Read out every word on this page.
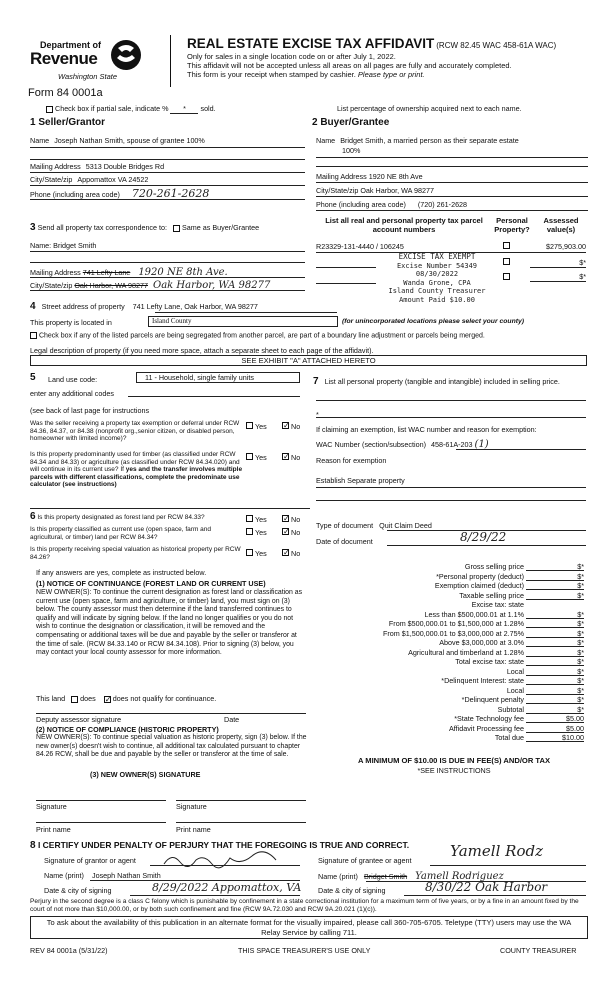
Department of
Revenue
Washington State
Form 84 0001a
REAL ESTATE EXCISE TAX AFFIDAVIT (RCW 82.45 WAC 458-61A WAC)
Only for sales in a single location code on or after July 1, 2022.
This affidavit will not be accepted unless all areas on all pages are fully and accurately completed.
This form is your receipt when stamped by cashier. Please type or print.
Check box if partial sale, indicate % * sold.	List percentage of ownership acquired next to each name.
1 Seller/Grantor
Name Joseph Nathan Smith, spouse of grantee 100%
Mailing Address 5313 Double Bridges Rd
City/State/zip Appomattox VA 24522
Phone (including area code) 720-261-2628
2 Buyer/Grantee
Name Bridget Smith, a married person as their separate estate
100%
Mailing Address 1920 NE 8th Ave
City/State/zip Oak Harbor, WA 98277
Phone (including area code) (720) 261-2628
3 Send all property tax correspondence to: Same as Buyer/Grantee
Name: Bridget Smith
Mailing Address 741 Lefty Lane 1920 NE 8th Ave.
City/State/zip Oak Harbor, WA 98277 Oak Harbor, WA 98277
List all real and personal property tax parcel account numbers
Personal Property?
Assessed value(s)
R23329-131-4440 / 106245	$275,903.00
$*
$*
EXCISE TAX EXEMPT
Excise Number 54349
08/30/2022
Wanda Grone, CPA
Island County Treasurer
Amount Paid $10.00
4 Street address of property 741 Lefty Lane, Oak Harbor, WA 98277
This property is located in	Island County	(for unincorporated locations please select your county)
Check box if any of the listed parcels are being segregated from another parcel, are part of a boundary line adjustment or parcels being merged.
Legal description of property (if you need more space, attach a separate sheet to each page of the affidavit).
SEE EXHIBIT "A" ATTACHED HERETO
5 Land use code:	11 - Household, single family units
enter any additional codes
(see back of last page for instructions
Was the seller receiving a property tax exemption or deferral under RCW 84.36, 84.37, or 84.38 (nonprofit org.,senior citizen, or disabled person, homeowner with limited income)?
Yes ✓ No
Is this property predominantly used for timber (as classified under RCW 84.34 and 84.33) or agriculture (as classified under RCW 84.34.020) and will continue in its current use? If yes and the transfer involves multiple parcels with different classifications, complete the predominate use calculator (see instructions)
Yes ✓ No
6 Is this property designated as forest land per RCW 84.33?	Yes ✓ No
Is this property classified as current use (open space, farm and agricultural, or timber) land per RCW 84.34?
Yes ✓ No
Is this property receiving special valuation as historical property per RCW 84.26?	Yes ✓ No
If any answers are yes, complete as instructed below.
(1) NOTICE OF CONTINUANCE (FOREST LAND OR CURRENT USE)
NEW OWNER(S): To continue the current designation as forest land or classification as current use (open space, farm and agriculture, or timber) land, you must sign on (3) below. The county assessor must then determine if the land transferred continues to qualify and will indicate by signing below. If the land no longer qualifies or you do not wish to continue the designation or classification, it will be removed and the compensating or additional taxes will be due and payable by the seller or transferor at the time of sale. (RCW 84.33.140 or RCW 84.34.108). Prior to signing (3) below, you may contact your local county assessor for more information.
This land does ✓ does not qualify for continuance.
Deputy assessor signature	Date
(2) NOTICE OF COMPLIANCE (HISTORIC PROPERTY)
NEW OWNER(S): To continue special valuation as historic property, sign (3) below. If the new owner(s) doesn't wish to continue, all additional tax calculated pursuant to chapter 84.26 RCW, shall be due and payable by the seller or transferor at the time of sale.
(3) NEW OWNER(S) SIGNATURE
Signature	Signature
Print name	Print name
7 List all personal property (tangible and intangible) included in selling price.
*
If claiming an exemption, list WAC number and reason for exemption:
WAC Number (section/subsection) 458-61A-203 (1)
Reason for exemption
Establish Separate property
Type of document Quit Claim Deed
Date of document	8/29/22
Gross selling price	$*
*Personal property (deduct)	$*
Exemption claimed (deduct)	$*
Taxable selling price	$*
Excise tax: state
Less than $500,000.01 at 1.1%	$*
From $500,000.01 to $1,500,000 at 1.28%	$*
From $1,500,000.01 to $3,000,000 at 2.75%	$*
Above $3,000,000 at 3.0%	$*
Agricultural and timberland at 1.28%	$*
Total excise tax: state	$*
Local	$*
*Delinquent Interest: state	$*
Local	$*
*Delinquent penalty	$*
Subtotal	$*
*State Technology fee	$5.00
Affidavit Processing fee	$5.00
Total due	$10.00
A MINIMUM OF $10.00 IS DUE IN FEE(S) AND/OR TAX
*SEE INSTRUCTIONS
8 I CERTIFY UNDER PENALTY OF PERJURY THAT THE FOREGOING IS TRUE AND CORRECT.
Signature of grantor or agent
Name (print) Joseph Nathan Smith
Date & city of signing	8/29/2022 Appomattox, VA
Signature of grantee or agent
Yamell Rodz
Name (print) Bridget Smith Yamell Rodriguez
Date & city of signing	8/30/22 Oak Harbor
Perjury in the second degree is a class C felony which is punishable by confinement in a state correctional institution for a maximum term of five years, or by a fine in an amount fixed by the court of not more than $10,000.00, or by both such confinement and fine (RCW 9A.72.030 and RCW 9A.20.021 (1)(c)).
To ask about the availability of this publication in an alternate format for the visually impaired, please call 360-705-6705. Teletype (TTY) users may use the WA Relay Service by calling 711.
REV 84 0001a (5/31/22)	THIS SPACE TREASURER'S USE ONLY	COUNTY TREASURER
